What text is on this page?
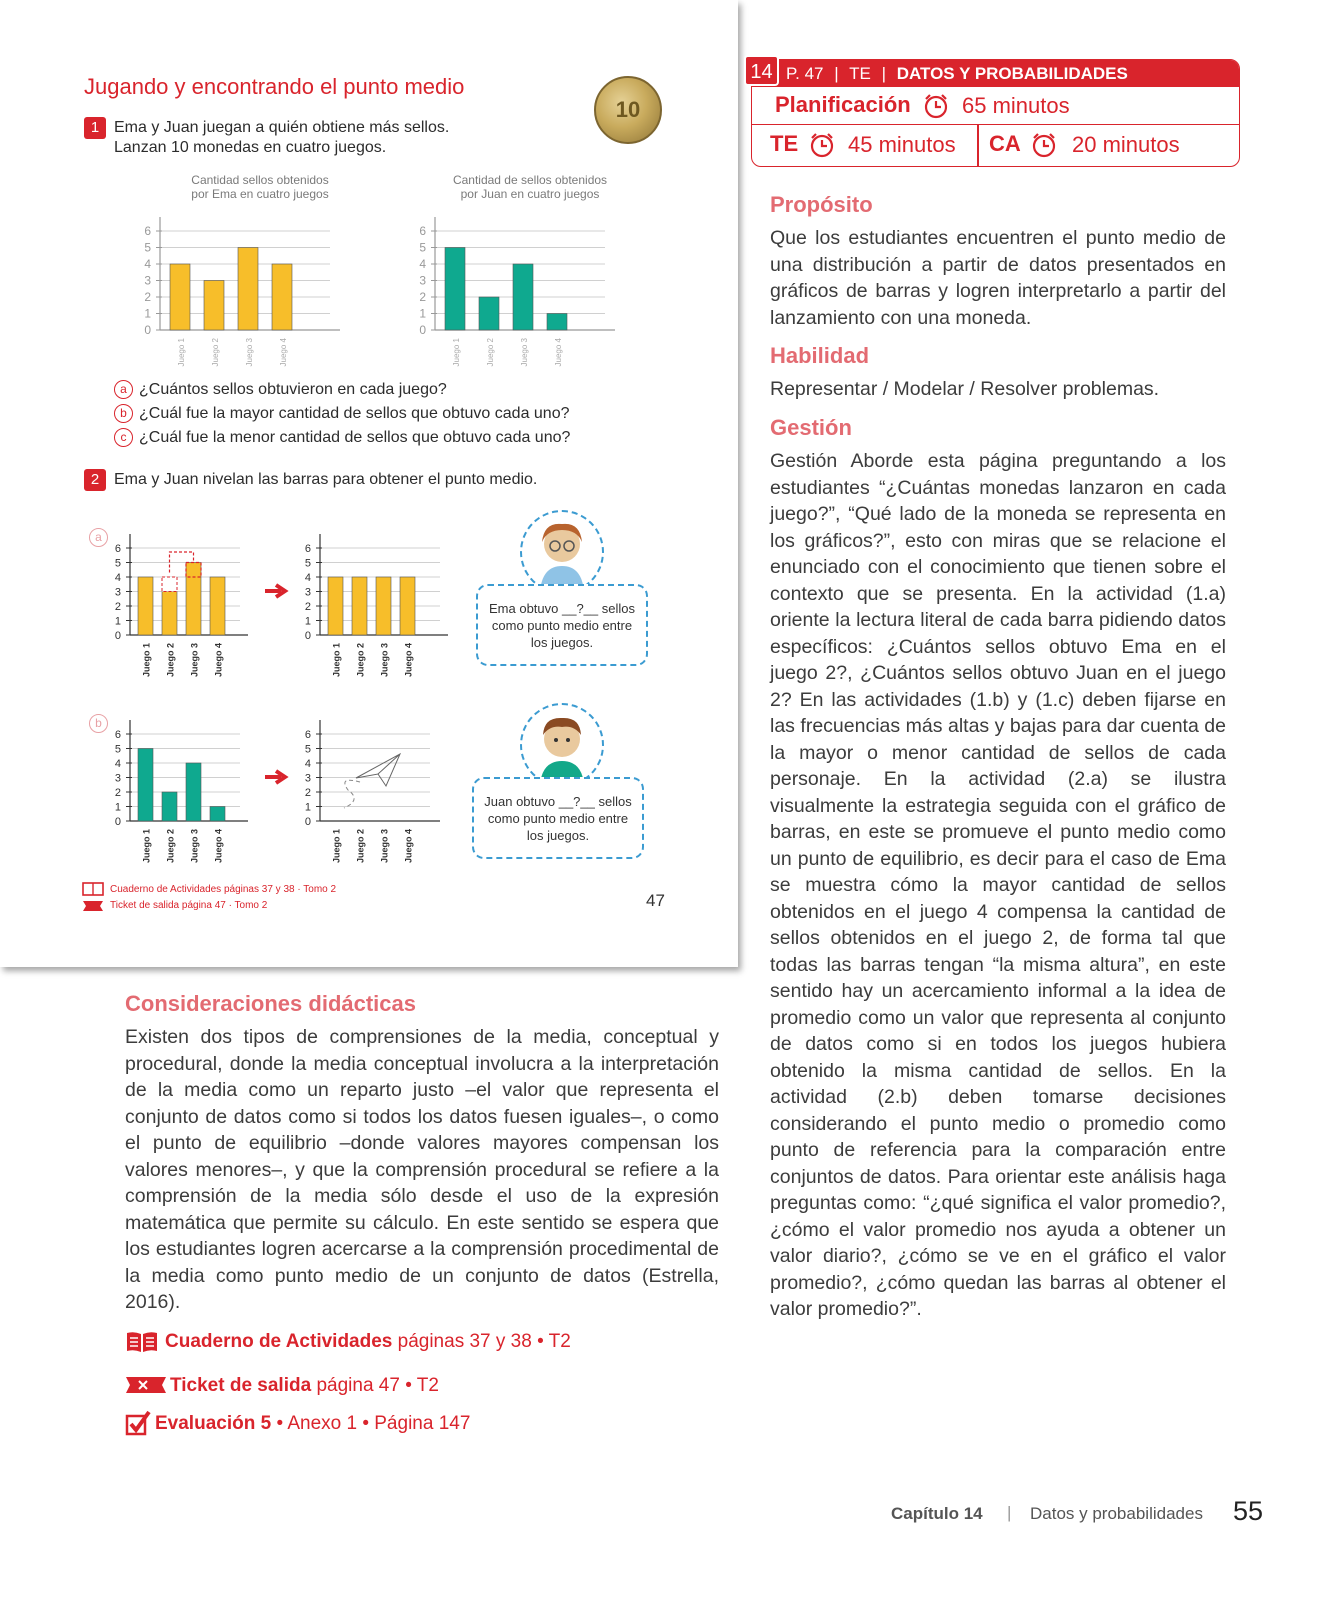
Jugando y encontrando el punto medio
10
1 Ema y Juan juegan a quién obtiene más sellos.
Lanzan 10 monedas en cuatro juegos.
Cantidad sellos obtenidos
por Ema en cuatro juegos
Cantidad de sellos obtenidos
por Juan en cuatro juegos
0
1
2
3
4
5
6
Juego 1	Juego 2	Juego 3	Juego 4
0
1
2
3
4
5
6
Juego 1	Juego 2	Juego 3	Juego 4
a ¿Cuántos sellos obtuvieron en cada juego?
b ¿Cuál fue la mayor cantidad de sellos que obtuvo cada uno?
c ¿Cuál fue la menor cantidad de sellos que obtuvo cada uno?
2 Ema y Juan nivelan las barras para obtener el punto medio.
a
b
0
1
2
3
4
5
6
Juego 1 Juego 2 Juego 3 Juego 4
0
1
2
3
4
5
6
Juego 1 Juego 2 Juego 3 Juego 4
0
1
2
3
4
5
6
Juego 1 Juego 2 Juego 3 Juego 4
0
1
2
3
4
5
6
Juego 1 Juego 2 Juego 3 Juego 4
Ema obtuvo __?__ sellos como punto medio entre los juegos.
Juan obtuvo __?__ sellos como punto medio entre los juegos.
Cuaderno de Actividades páginas 37 y 38 · Tomo 2
Ticket de salida página 47 · Tomo 2	47
14 P. 47 | TE | DATOS Y PROBABILIDADES
Planificación 65 minutos
TE 45 minutos CA 20 minutos
Propósito
Que los estudiantes encuentren el punto medio de una distribución a partir de datos presentados en gráficos de barras y logren interpretarlo a partir del lanzamiento con una moneda.
Habilidad
Representar / Modelar / Resolver problemas.
Gestión
Gestión Aborde esta página preguntando a los estudiantes “¿Cuántas monedas lanzaron en cada juego?”, “Qué lado de la moneda se representa en los gráficos?”, esto con miras que se relacione el enunciado con el conocimiento que tienen sobre el contexto que se presenta. En la actividad (1.a) oriente la lectura literal de cada barra pidiendo datos específicos: ¿Cuántos sellos obtuvo Ema en el juego 2?, ¿Cuántos sellos obtuvo Juan en el juego 2? En las actividades (1.b) y (1.c) deben fijarse en las frecuencias más altas y bajas para dar cuenta de la mayor o menor cantidad de sellos de cada personaje. En la actividad (2.a) se ilustra visualmente la estrategia seguida con el gráfico de barras, en este se promueve el punto medio como un punto de equilibrio, es decir para el caso de Ema se muestra cómo la mayor cantidad de sellos obtenidos en el juego 4 compensa la cantidad de sellos obtenidos en el juego 2, de forma tal que todas las barras tengan “la misma altura”, en este sentido hay un acercamiento informal a la idea de promedio como un valor que representa al conjunto de datos como si en todos los juegos hubiera obtenido la misma cantidad de sellos. En la actividad (2.b) deben tomarse decisiones considerando el punto medio o promedio como punto de referencia para la comparación entre conjuntos de datos. Para orientar este análisis haga preguntas como: “¿qué significa el valor promedio?, ¿cómo el valor promedio nos ayuda a obtener un valor diario?, ¿cómo se ve en el gráfico el valor promedio?, ¿cómo quedan las barras al obtener el valor promedio?”.
Consideraciones didácticas
Existen dos tipos de comprensiones de la media, conceptual y procedural, donde la media conceptual involucra a la interpretación de la media como un reparto justo –el valor que representa el conjunto de datos como si todos los datos fuesen iguales–, o como el punto de equilibrio –donde valores mayores compensan los valores menores–, y que la comprensión procedural se refiere a la comprensión de la media sólo desde el uso de la expresión matemática que permite su cálculo. En este sentido se espera que los estudiantes logren acercarse a la comprensión procedimental de la media como punto medio de un conjunto de datos (Estrella, 2016).
Cuaderno de Actividades páginas 37 y 38 • T2
Ticket de salida página 47 • T2
Evaluación 5 • Anexo 1 • Página 147
Capítulo 14 | Datos y probabilidades 55
